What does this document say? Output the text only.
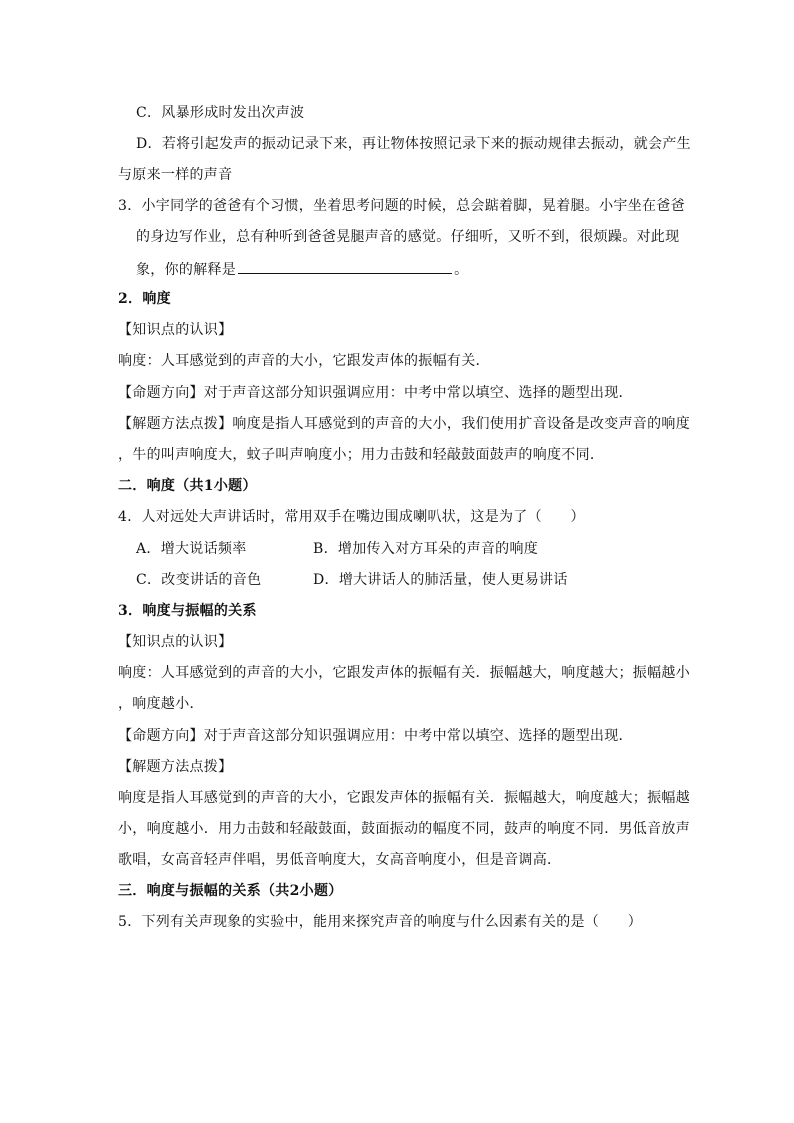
C．风暴形成时发出次声波
D．若将引起发声的振动记录下来，再让物体按照记录下来的振动规律去振动，就会产生
与原来一样的声音
3．小宇同学的爸爸有个习惯，坐着思考问题的时候，总会踮着脚，晃着腿。小宇坐在爸爸
的身边写作业，总有种听到爸爸晃腿声音的感觉。仔细听，又听不到，很烦躁。对此现
象，你的解释是	。
2．响度
【知识点的认识】
响度：人耳感觉到的声音的大小，它跟发声体的振幅有关．
【命题方向】对于声音这部分知识强调应用：中考中常以填空、选择的题型出现．
【解题方法点拨】响度是指人耳感觉到的声音的大小，我们使用扩音设备是改变声音的响度
，牛的叫声响度大，蚊子叫声响度小；用力击鼓和轻敲鼓面鼓声的响度不同．
二．响度（共1小题）
4．人对远处大声讲话时，常用双手在嘴边围成喇叭状，这是为了（　　）
A．增大说话频率	B．增加传入对方耳朵的声音的响度
C．改变讲话的音色	D．增大讲话人的肺活量，使人更易讲话
3．响度与振幅的关系
【知识点的认识】
响度：人耳感觉到的声音的大小，它跟发声体的振幅有关．振幅越大，响度越大；振幅越小
，响度越小．
【命题方向】对于声音这部分知识强调应用：中考中常以填空、选择的题型出现．
【解题方法点拨】
响度是指人耳感觉到的声音的大小，它跟发声体的振幅有关．振幅越大，响度越大；振幅越
小，响度越小．用力击鼓和轻敲鼓面，鼓面振动的幅度不同，鼓声的响度不同．男低音放声
歌唱，女高音轻声伴唱，男低音响度大，女高音响度小，但是音调高．
三．响度与振幅的关系（共2小题）
5．下列有关声现象的实验中，能用来探究声音的响度与什么因素有关的是（　　）
